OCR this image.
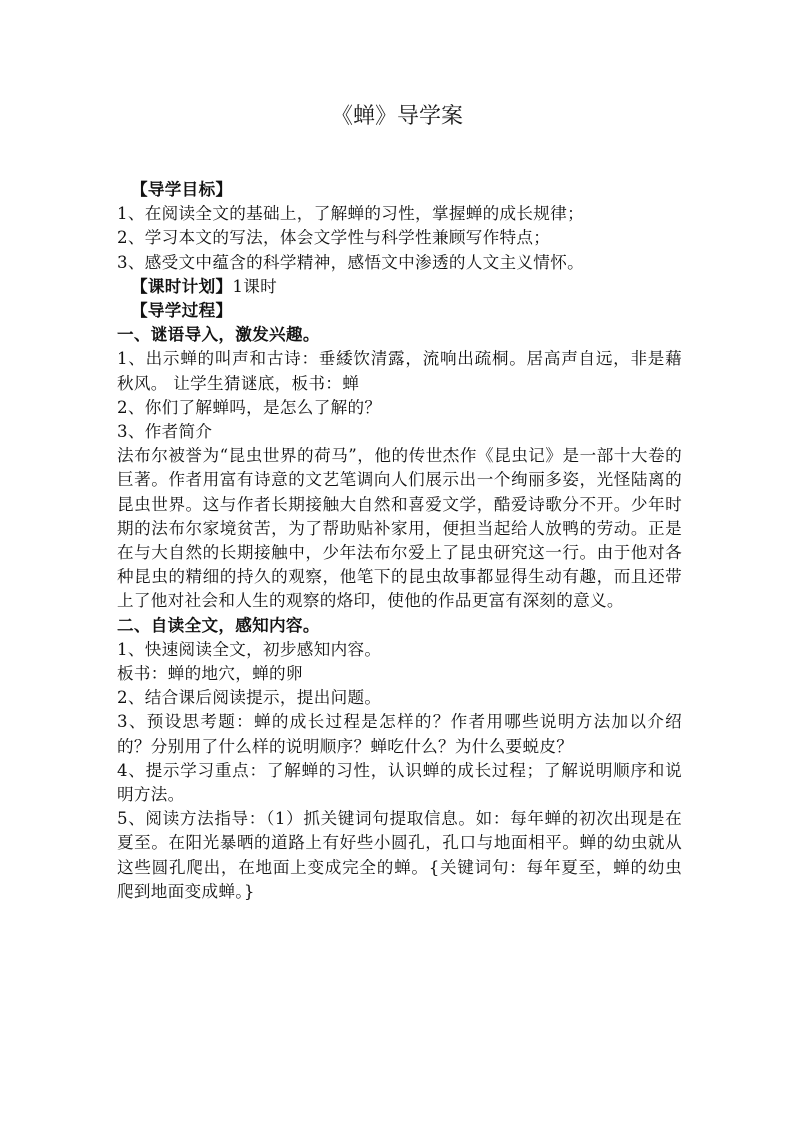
《蝉》导学案

【导学目标】

1、在阅读全文的基础上，了解蝉的习性，掌握蝉的成长规律；

2、学习本文的写法，体会文学性与科学性兼顾写作特点；

3、感受文中蕴含的科学精神，感悟文中渗透的人文主义情怀。

【课时计划】1课时

【导学过程】

一、谜语导入，激发兴趣。

1、出示蝉的叫声和古诗：垂緌饮清露，流响出疏桐。居高声自远，非是藉秋风。 让学生猜谜底，板书：蝉

2、你们了解蝉吗，是怎么了解的？

3、作者简介

法布尔被誉为“昆虫世界的荷马”，他的传世杰作《昆虫记》是一部十大卷的巨著。作者用富有诗意的文艺笔调向人们展示出一个绚丽多姿，光怪陆离的昆虫世界。这与作者长期接触大自然和喜爱文学，酷爱诗歌分不开。少年时期的法布尔家境贫苦，为了帮助贴补家用，便担当起给人放鸭的劳动。正是在与大自然的长期接触中，少年法布尔爱上了昆虫研究这一行。由于他对各种昆虫的精细的持久的观察，他笔下的昆虫故事都显得生动有趣，而且还带上了他对社会和人生的观察的烙印，使他的作品更富有深刻的意义。

二、自读全文，感知内容。

1、快速阅读全文，初步感知内容。

板书：蝉的地穴，蝉的卵

2、结合课后阅读提示，提出问题。

3、预设思考题：蝉的成长过程是怎样的？作者用哪些说明方法加以介绍的？分别用了什么样的说明顺序？蝉吃什么？为什么要蜕皮？

4、提示学习重点：了解蝉的习性，认识蝉的成长过程；了解说明顺序和说明方法。

5、阅读方法指导：（1）抓关键词句提取信息。如：每年蝉的初次出现是在夏至。在阳光暴晒的道路上有好些小圆孔，孔口与地面相平。蝉的幼虫就从这些圆孔爬出，在地面上变成完全的蝉。{关键词句：每年夏至，蝉的幼虫爬到地面变成蝉。}
